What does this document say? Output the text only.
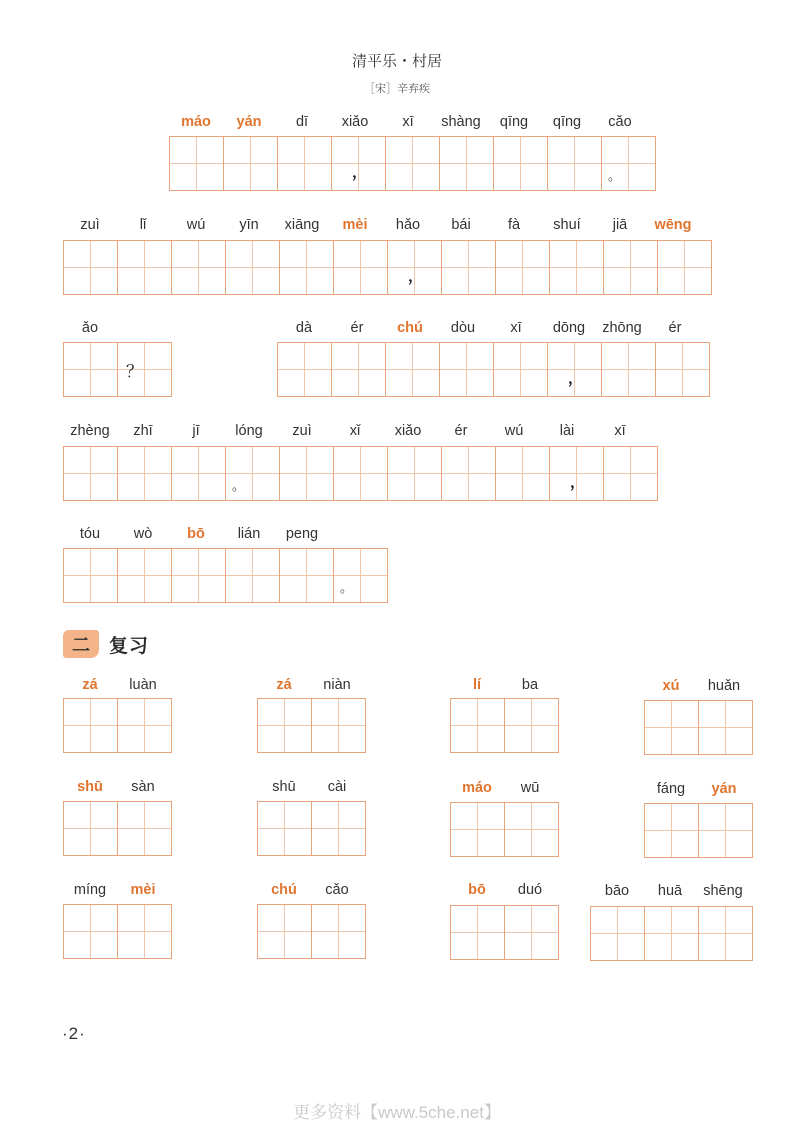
清平乐・村居
［宋］辛弃疾
máo	yán	dī	xiǎo	xī	shàng	qīng	qīng	cǎo
，	。
zuì	lǐ	wú	yīn	xiāng	mèi	hǎo	bái	fà	shuí	jiā	wēng
，
ǎo
？
dà	ér	chú	dòu	xī	dōng	zhōng	ér
，
zhèng	zhī	jī	lóng	zuì	xǐ	xiǎo	ér	wú	lài	xī
。	，
tóu	wò	bō	lián	peng
。
二	复习
zá	luàn	zá	niàn	lí	ba	xú	huǎn
shū	sàn	shū	cài	máo	wū	fáng	yán
míng	mèi	chú	cǎo	bō	duó	bāo	huā	shēng
·2·
更多资料【www.5che.net】
